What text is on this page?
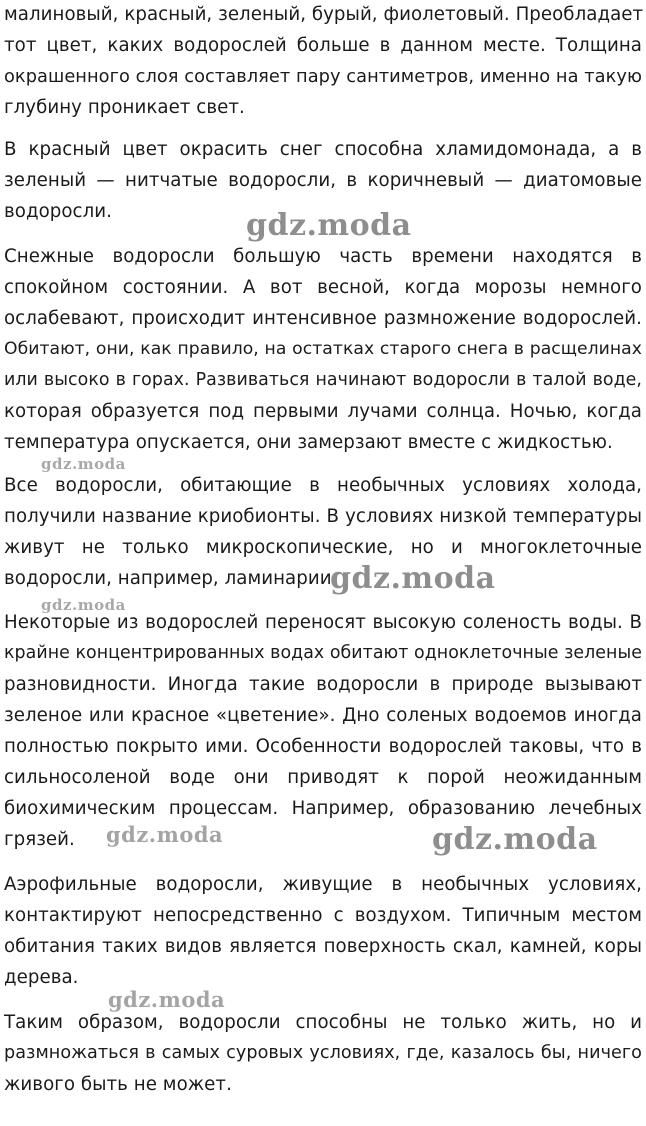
малиновый, красный, зеленый, бурый, фиолетовый. Преобладает
тот цвет, каких водорослей больше в данном месте. Толщина
окрашенного слоя составляет пару сантиметров, именно на такую
глубину проникает свет.
В красный цвет окрасить снег способна хламидомонада, а в
зеленый — нитчатые водоросли, в коричневый — диатомовые
водоросли.
Снежные водоросли большую часть времени находятся в
спокойном состоянии. А вот весной, когда морозы немного
ослабевают, происходит интенсивное размножение водорослей.
Обитают, они, как правило, на остатках старого снега в расщелинах
или высоко в горах. Развиваться начинают водоросли в талой воде,
которая образуется под первыми лучами солнца. Ночью, когда
температура опускается, они замерзают вместе с жидкостью.
Все водоросли, обитающие в необычных условиях холода,
получили название криобионты. В условиях низкой температуры
живут не только микроскопические, но и многоклеточные
водоросли, например, ламинарии.
Некоторые из водорослей переносят высокую соленость воды. В
крайне концентрированных водах обитают одноклеточные зеленые
разновидности. Иногда такие водоросли в природе вызывают
зеленое или красное «цветение». Дно соленых водоемов иногда
полностью покрыто ими. Особенности водорослей таковы, что в
сильносоленой воде они приводят к порой неожиданным
биохимическим процессам. Например, образованию лечебных
грязей.
Аэрофильные водоросли, живущие в необычных условиях,
контактируют непосредственно с воздухом. Типичным местом
обитания таких видов является поверхность скал, камней, коры
дерева.
Таким образом, водоросли способны не только жить, но и
размножаться в самых суровых условиях, где, казалось бы, ничего
живого быть не может.
gdz.moda
gdz.moda
gdz.moda
gdz.moda
gdz.moda	gdz.moda
gdz.moda
